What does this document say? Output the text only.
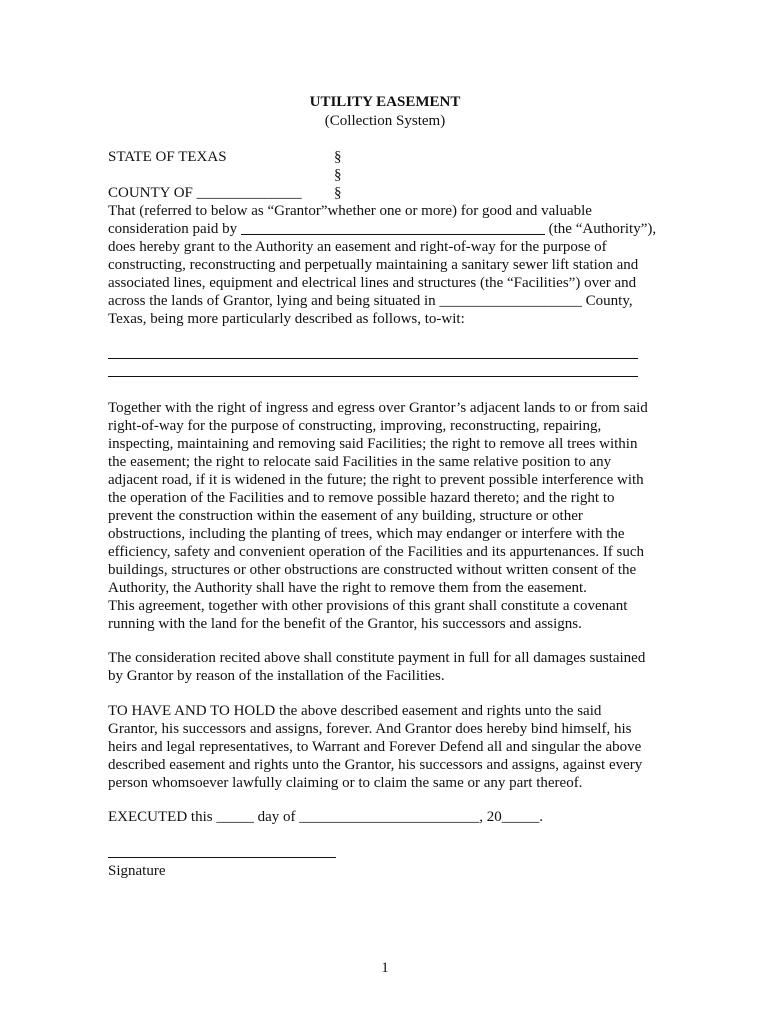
UTILITY EASEMENT
(Collection System)
STATE OF TEXAS	§
§
§
COUNTY OF ______________

That (referred to below as “Grantor”whether one or more) for good and valuable

consideration paid by	(the “Authority”),

does hereby grant to the Authority an easement and right-of-way for the purpose of

constructing, reconstructing and perpetually maintaining a sanitary sewer lift station and

associated lines, equipment and electrical lines and structures (the “Facilities”) over and

across the lands of Grantor, lying and being situated in ___________________ County,

Texas, being more particularly described as follows, to-wit:

Together with the right of ingress and egress over Grantor’s adjacent lands to or from said

right-of-way for the purpose of constructing, improving, reconstructing, repairing,

inspecting, maintaining and removing said Facilities; the right to remove all trees within

the easement; the right to relocate said Facilities in the same relative position to any

adjacent road, if it is widened in the future; the right to prevent possible interference with

the operation of the Facilities and to remove possible hazard thereto; and the right to

prevent the construction within the easement of any building, structure or other

obstructions, including the planting of trees, which may endanger or interfere with the

efficiency, safety and convenient operation of the Facilities and its appurtenances. If such

buildings, structures or other obstructions are constructed without written consent of the

Authority, the Authority shall have the right to remove them from the easement.

This agreement, together with other provisions of this grant shall constitute a covenant

running with the land for the benefit of the Grantor, his successors and assigns.

The consideration recited above shall constitute payment in full for all damages sustained

by Grantor by reason of the installation of the Facilities.

TO HAVE AND TO HOLD the above described easement and rights unto the said

Grantor, his successors and assigns, forever. And Grantor does hereby bind himself, his

heirs and legal representatives, to Warrant and Forever Defend all and singular the above

described easement and rights unto the Grantor, his successors and assigns, against every

person whomsoever lawfully claiming or to claim the same or any part thereof.

EXECUTED this _____ day of ________________________, 20_____.
Signature
1
